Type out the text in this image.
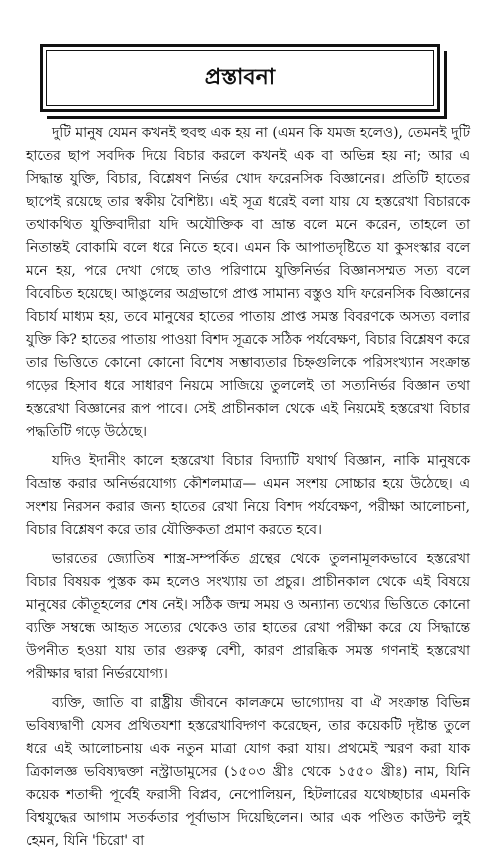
প্রস্তাবনা

দুটি মানুষ যেমন কখনই হুবহু এক হয় না (এমন কি যমজ হলেও), তেমনই দুটি হাতের ছাপ সবদিক দিয়ে বিচার করলে কখনই এক বা অভিন্ন হয় না; আর এ সিদ্ধান্ত যুক্তি, বিচার, বিশ্লেষণ নির্ভর খোদ ফরেনসিক বিজ্ঞানের। প্রতিটি হাতের ছাপেই রয়েছে তার স্বকীয় বৈশিষ্ট্য। এই সূত্র ধরেই বলা যায় যে হস্তরেখা বিচারকে তথাকথিত যুক্তিবাদীরা যদি অযৌক্তিক বা ভ্রান্ত বলে মনে করেন, তাহলে তা নিতান্তই বোকামি বলে ধরে নিতে হবে। এমন কি আপাতদৃষ্টিতে যা কুসংস্কার বলে মনে হয়, পরে দেখা গেছে তাও পরিণামে যুক্তিনির্ভর বিজ্ঞানসম্মত সত্য বলে বিবেচিত হয়েছে। আঙুলের অগ্রভাগে প্রাপ্ত সামান্য বস্তুও যদি ফরেনসিক বিজ্ঞানের বিচার্য মাধ্যম হয়, তবে মানুষের হাতের পাতায় প্রাপ্ত সমস্ত বিবরণকে অসত্য বলার যুক্তি কি? হাতের পাতায় পাওয়া বিশদ সূত্রকে সঠিক পর্যবেক্ষণ, বিচার বিশ্লেষণ করে তার ভিত্তিতে কোনো কোনো বিশেষ সম্ভাব্যতার চিহ্নগুলিকে পরিসংখ্যান সংক্রান্ত গড়ের হিসাব ধরে সাধারণ নিয়মে সাজিয়ে তুললেই তা সত্যনির্ভর বিজ্ঞান তথা হস্তরেখা বিজ্ঞানের রূপ পাবে। সেই প্রাচীনকাল থেকে এই নিয়মেই হস্তরেখা বিচার পদ্ধতিটি গড়ে উঠেছে।

যদিও ইদানীং কালে হস্তরেখা বিচার বিদ্যাটি যথার্থ বিজ্ঞান, নাকি মানুষকে বিভ্রান্ত করার অনির্ভরযোগ্য কৌশলমাত্র— এমন সংশয় সোচ্চার হয়ে উঠেছে। এ সংশয় নিরসন করার জন্য হাতের রেখা নিয়ে বিশদ পর্যবেক্ষণ, পরীক্ষা আলোচনা, বিচার বিশ্লেষণ করে তার যৌক্তিকতা প্রমাণ করতে হবে।

ভারতের জ্যোতিষ শাস্ত্র-সম্পর্কিত গ্রন্থের থেকে তুলনামূলকভাবে হস্তরেখা বিচার বিষয়ক পুস্তক কম হলেও সংখ্যায় তা প্রচুর। প্রাচীনকাল থেকে এই বিষয়ে মানুষের কৌতূহলের শেষ নেই। সঠিক জন্ম সময় ও অন্যান্য তথ্যের ভিত্তিতে কোনো ব্যক্তি সম্বন্ধে আহৃত সত্যের থেকেও তার হাতের রেখা পরীক্ষা করে যে সিদ্ধান্তে উপনীত হওয়া যায় তার গুরুত্ব বেশী, কারণ প্রারব্ধিক সমস্ত গণনাই হস্তরেখা পরীক্ষার দ্বারা নির্ভরযোগ্য।

ব্যক্তি, জাতি বা রাষ্ট্রীয় জীবনে কালক্রমে ভাগ্যোদয় বা ঐ সংক্রান্ত বিভিন্ন ভবিষ্যদ্বাণী যেসব প্রথিতযশা হস্তরেখাবিদ্গণ করেছেন, তার কয়েকটি দৃষ্টান্ত তুলে ধরে এই আলোচনায় এক নতুন মাত্রা যোগ করা যায়। প্রথমেই স্মরণ করা যাক ত্রিকালজ্ঞ ভবিষ্যদ্বক্তা নস্ট্রাডামুসের (১৫০৩ খ্রীঃ থেকে ১৫৫০ খ্রীঃ) নাম, যিনি কয়েক শতাব্দী পূর্বেই ফরাসী বিপ্লব, নেপোলিয়ন, হিটলারের যথেচ্ছাচার এমনকি বিশ্বযুদ্ধের আগাম সতর্কতার পূর্বাভাস দিয়েছিলেন। আর এক পণ্ডিত কাউন্ট লুই হেমন, যিনি 'চিরো' বা
